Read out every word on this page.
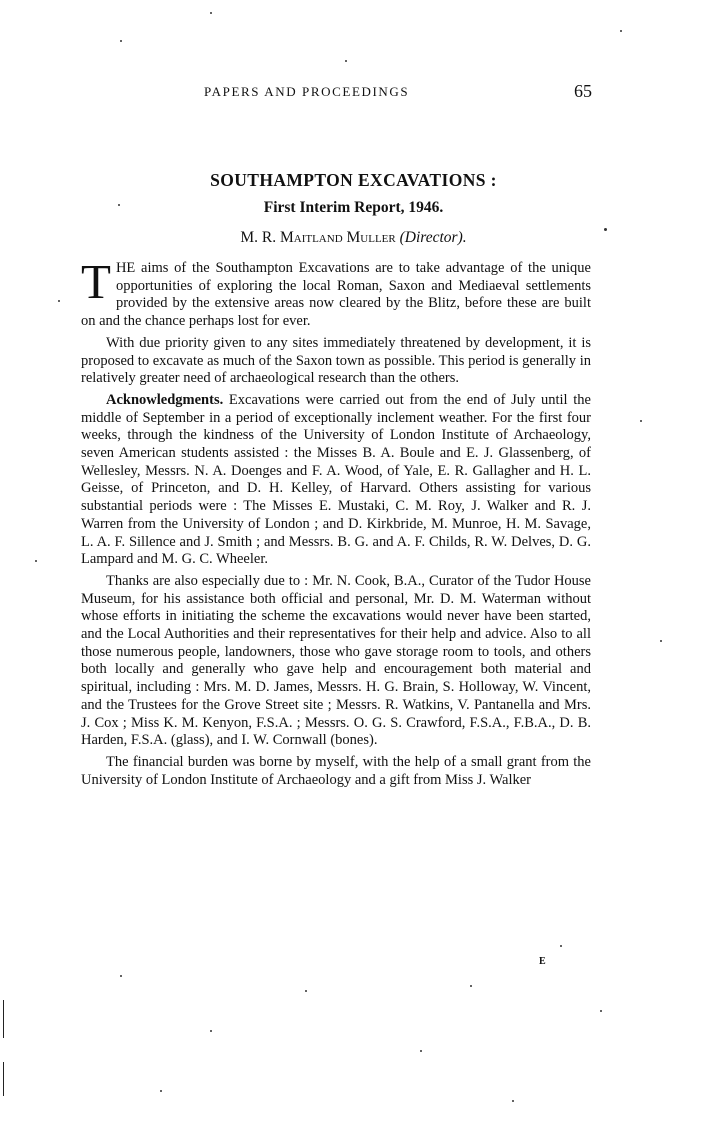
PAPERS AND PROCEEDINGS	65
SOUTHAMPTON EXCAVATIONS :
First Interim Report, 1946.
M. R. Maitland Muller (Director).

THE aims of the Southampton Excavations are to take advantage of the unique opportunities of exploring the local Roman, Saxon and Mediaeval settlements provided by the extensive areas now cleared by the Blitz, before these are built on and the chance perhaps lost for ever.

With due priority given to any sites immediately threatened by development, it is proposed to excavate as much of the Saxon town as possible. This period is generally in relatively greater need of archaeological research than the others.

Acknowledgments. Excavations were carried out from the end of July until the middle of September in a period of exceptionally inclement weather. For the first four weeks, through the kindness of the University of London Institute of Archaeology, seven American students assisted : the Misses B. A. Boule and E. J. Glassenberg, of Wellesley, Messrs. N. A. Doenges and F. A. Wood, of Yale, E. R. Gallagher and H. L. Geisse, of Princeton, and D. H. Kelley, of Harvard. Others assisting for various substantial periods were : The Misses E. Mustaki, C. M. Roy, J. Walker and R. J. Warren from the University of London ; and D. Kirkbride, M. Munroe, H. M. Savage, L. A. F. Sillence and J. Smith ; and Messrs. B. G. and A. F. Childs, R. W. Delves, D. G. Lampard and M. G. C. Wheeler.

Thanks are also especially due to : Mr. N. Cook, B.A., Curator of the Tudor House Museum, for his assistance both official and personal, Mr. D. M. Waterman without whose efforts in initiating the scheme the excavations would never have been started, and the Local Authorities and their representatives for their help and advice. Also to all those numerous people, landowners, those who gave storage room to tools, and others both locally and generally who gave help and encouragement both material and spiritual, including : Mrs. M. D. James, Messrs. H. G. Brain, S. Holloway, W. Vincent, and the Trustees for the Grove Street site ; Messrs. R. Watkins, V. Pantanella and Mrs. J. Cox ; Miss K. M. Kenyon, F.S.A. ; Messrs. O. G. S. Crawford, F.S.A., F.B.A., D. B. Harden, F.S.A. (glass), and I. W. Cornwall (bones).

The financial burden was borne by myself, with the help of a small grant from the University of London Institute of Archaeology and a gift from Miss J. Walker

E
